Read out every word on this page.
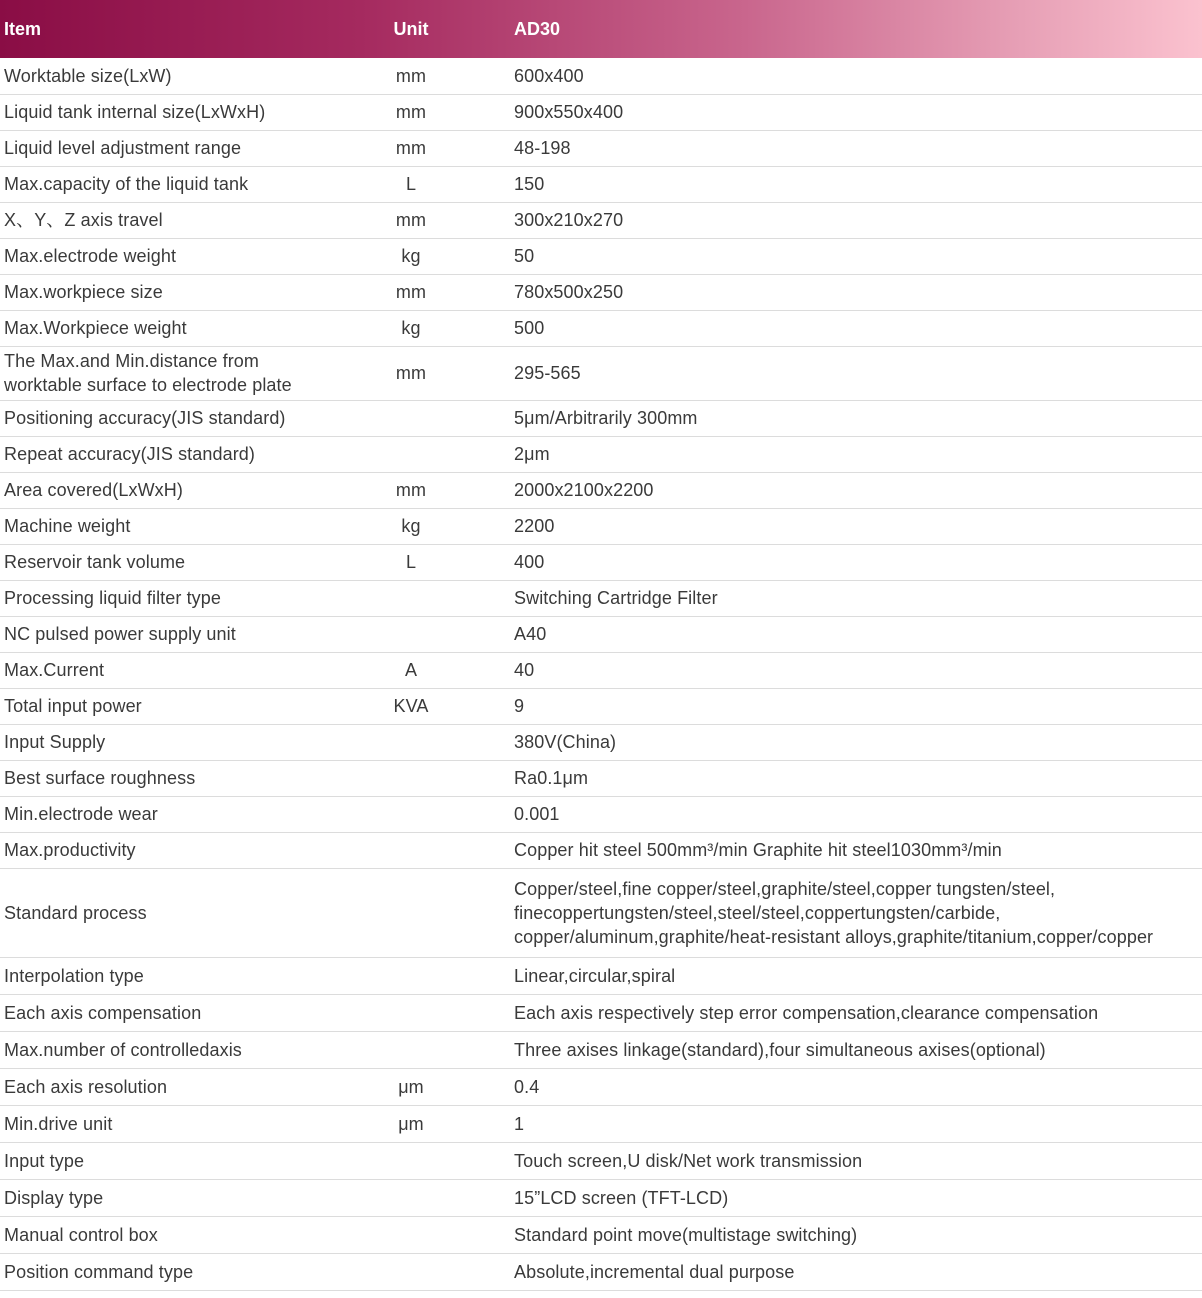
Item	Unit	AD30
Worktable size(LxW)	mm	600x400
Liquid tank internal size(LxWxH)	mm	900x550x400
Liquid level adjustment range	mm	48-198
Max.capacity of the liquid tank	L	150
X、Y、Z axis travel	mm	300x210x270
Max.electrode weight	kg	50
Max.workpiece size	mm	780x500x250
Max.Workpiece weight	kg	500
The Max.and Min.distance from
worktable surface to electrode plate	mm	295-565
Positioning accuracy(JIS standard)		5μm/Arbitrarily 300mm
Repeat accuracy(JIS standard)		2μm
Area covered(LxWxH)	mm	2000x2100x2200
Machine weight	kg	2200
Reservoir tank volume	L	400
Processing liquid filter type		Switching Cartridge Filter
NC pulsed power supply unit		A40
Max.Current	A	40
Total input power	KVA	9
Input Supply		380V(China)
Best surface roughness		Ra0.1μm
Min.electrode wear		0.001
Max.productivity		Copper hit steel 500mm³/min Graphite hit steel1030mm³/min
Standard process		Copper/steel,fine copper/steel,graphite/steel,copper tungsten/steel,
finecoppertungsten/steel,steel/steel,coppertungsten/carbide,
copper/aluminum,graphite/heat-resistant alloys,graphite/titanium,copper/copper
Interpolation type		Linear,circular,spiral
Each axis compensation		Each axis respectively step error compensation,clearance compensation
Max.number of controlledaxis		Three axises linkage(standard),four simultaneous axises(optional)
Each axis resolution	μm	0.4
Min.drive unit	μm	1
Input type		Touch screen,U disk/Net work transmission
Display type		15”LCD screen (TFT-LCD)
Manual control box		Standard point move(multistage switching)
Position command type		Absolute,incremental dual purpose
